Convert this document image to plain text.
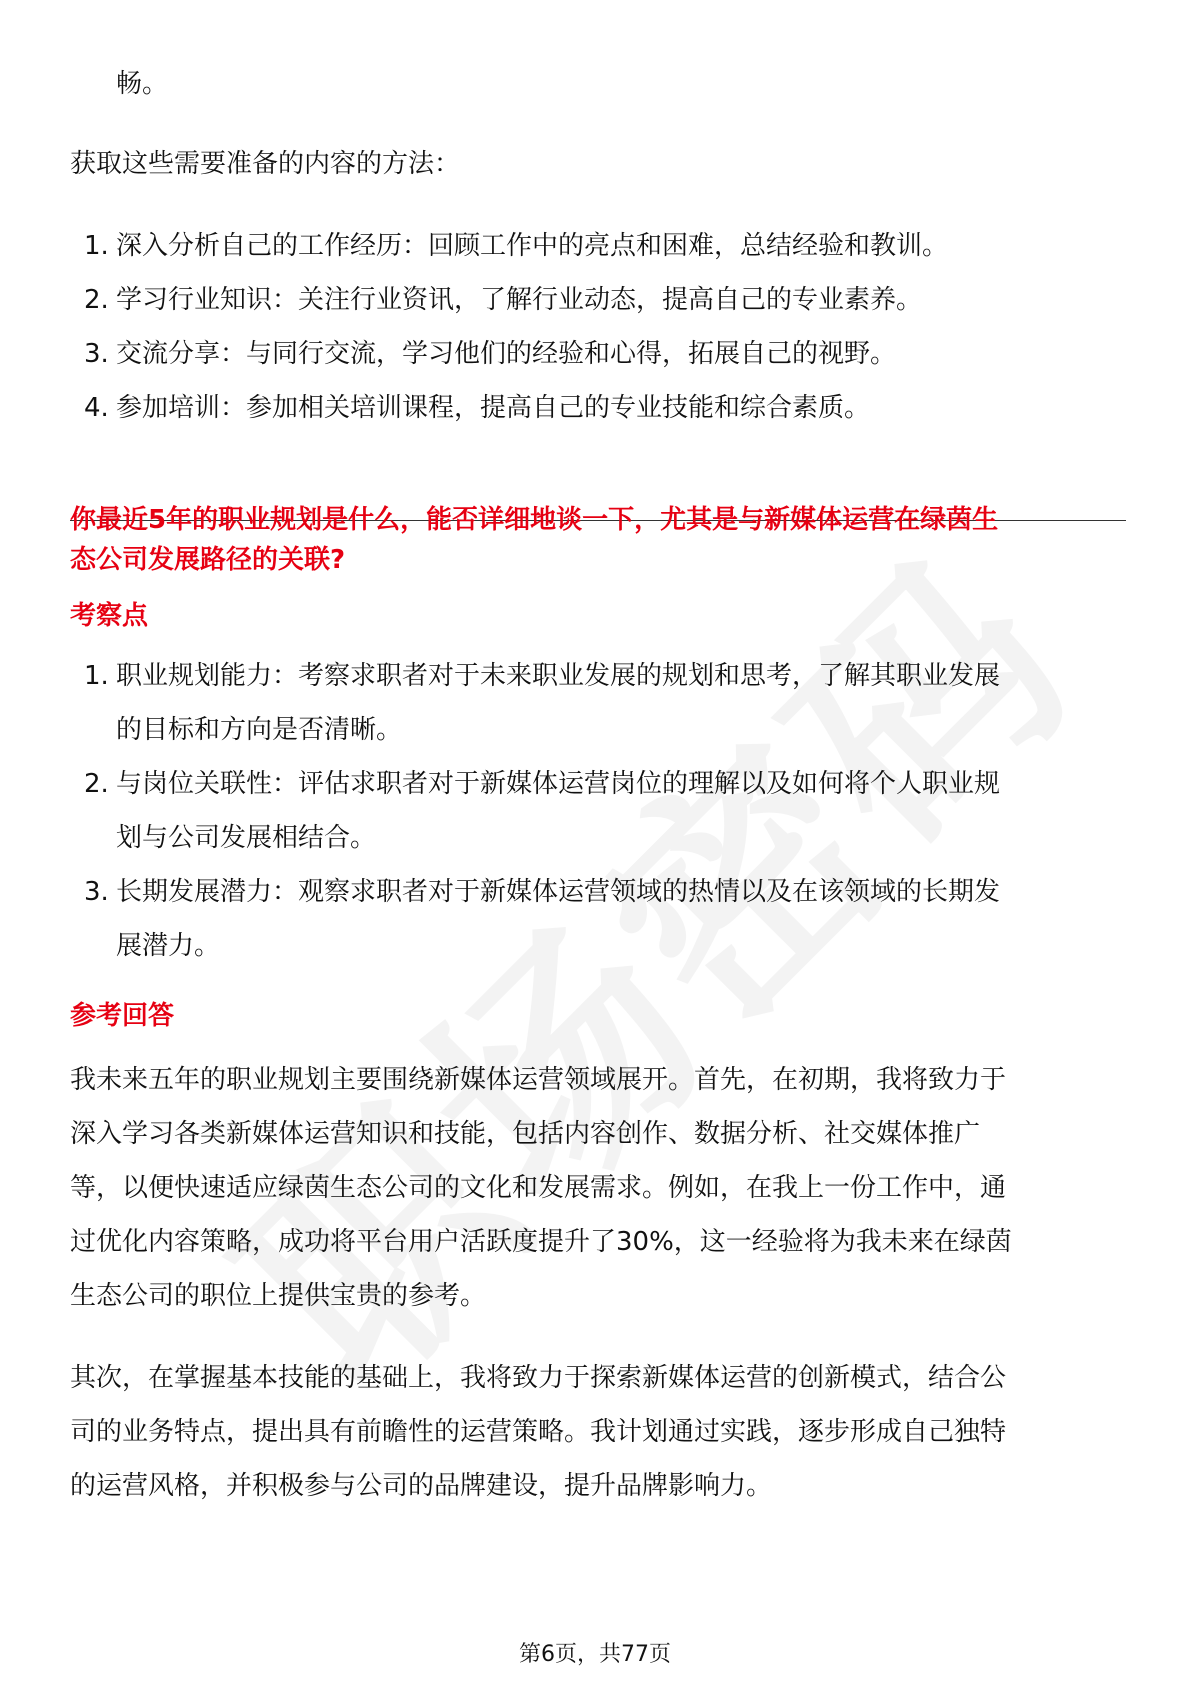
畅。
获取这些需要准备的内容的方法：
1. 深入分析自己的工作经历：回顾工作中的亮点和困难，总结经验和教训。
2. 学习行业知识：关注行业资讯，了解行业动态，提高自己的专业素养。
3. 交流分享：与同行交流，学习他们的经验和心得，拓展自己的视野。
4. 参加培训：参加相关培训课程，提高自己的专业技能和综合素质。
你最近5年的职业规划是什么，能否详细地谈一下，尤其是与新媒体运营在绿茵生
态公司发展路径的关联?
考察点
1. 职业规划能力：考察求职者对于未来职业发展的规划和思考，了解其职业发展
的目标和方向是否清晰。
2. 与岗位关联性：评估求职者对于新媒体运营岗位的理解以及如何将个人职业规
划与公司发展相结合。
3. 长期发展潜力：观察求职者对于新媒体运营领域的热情以及在该领域的长期发
展潜力。
参考回答
我未来五年的职业规划主要围绕新媒体运营领域展开。首先，在初期，我将致力于
深入学习各类新媒体运营知识和技能，包括内容创作、数据分析、社交媒体推广
等，以便快速适应绿茵生态公司的文化和发展需求。例如，在我上一份工作中，通
过优化内容策略，成功将平台用户活跃度提升了30%，这一经验将为我未来在绿茵
生态公司的职位上提供宝贵的参考。
其次，在掌握基本技能的基础上，我将致力于探索新媒体运营的创新模式，结合公
司的业务特点，提出具有前瞻性的运营策略。我计划通过实践，逐步形成自己独特
的运营风格，并积极参与公司的品牌建设，提升品牌影响力。
第6页，共77页
